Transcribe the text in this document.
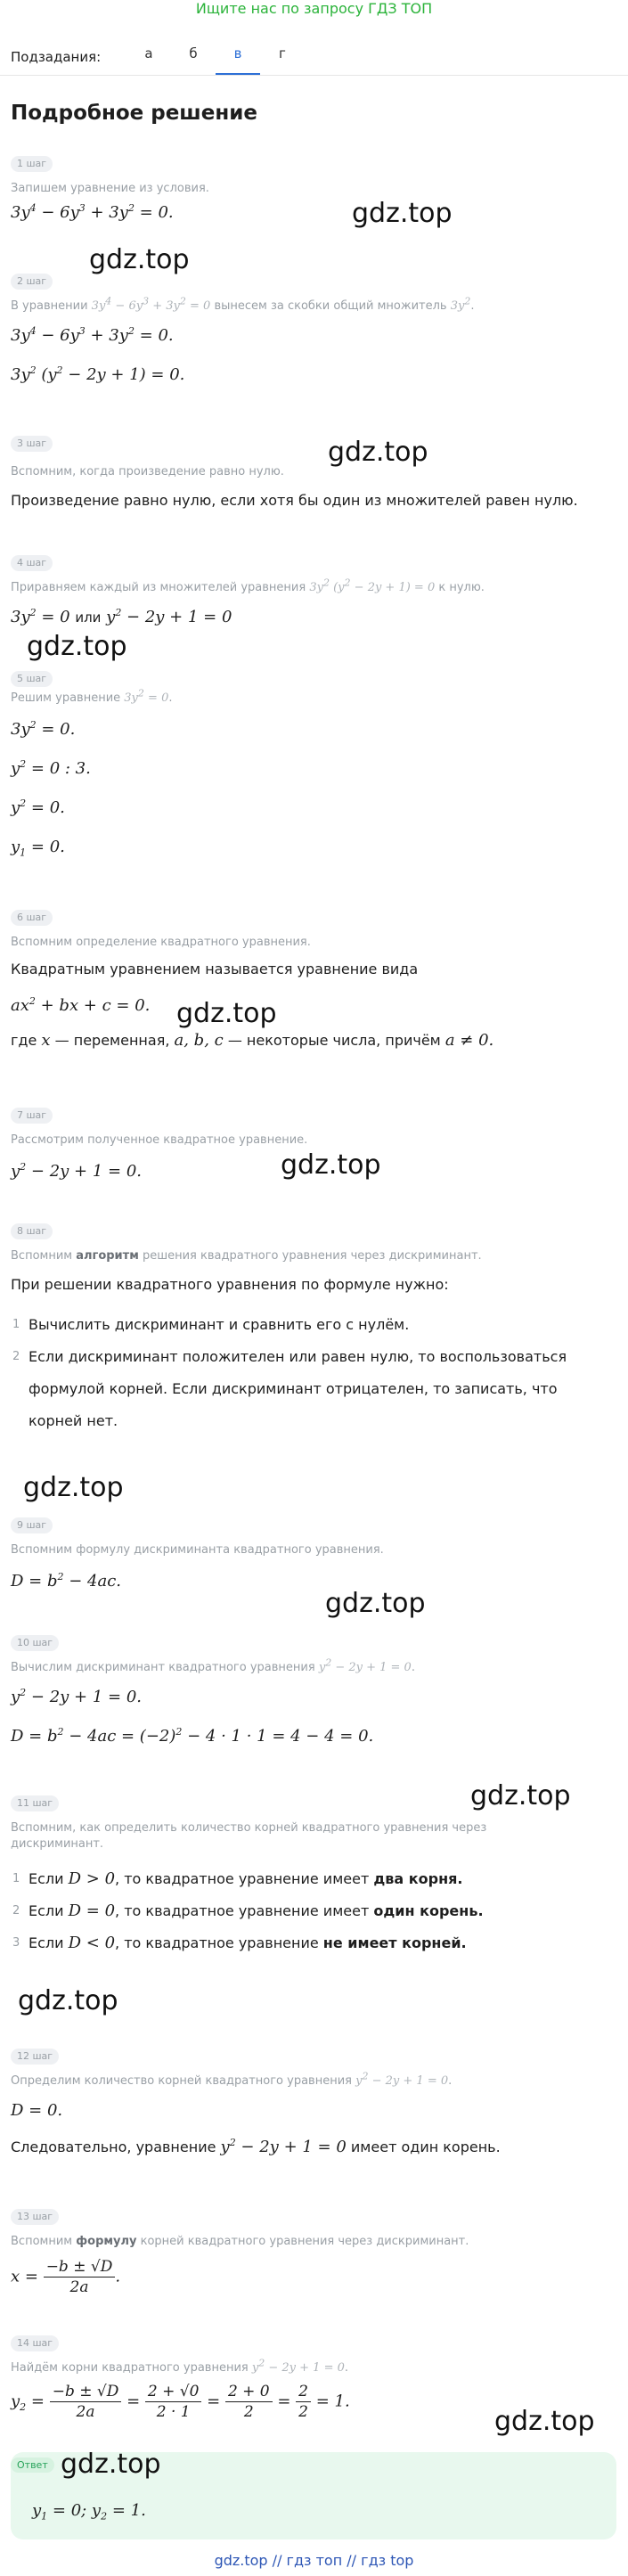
Ищите нас по запросу ГДЗ ТОП
Подзадания:	а	б	в	г
Подробное решение
1 шаг
Запишем уравнение из условия.
$3y^4 - 6y^3 + 3y^2 = 0$.
2 шаг
В уравнении $3y^4 - 6y^3 + 3y^2 = 0$ вынесем за скобки общий множитель $3y^2$.
$3y^4 - 6y^3 + 3y^2 = 0$.
$3y^2$ $(y^2 - 2y + 1) = 0$.
3 шаг
Вспомним, когда произведение равно нулю.
Произведение равно нулю, если хотя бы один из множителей равен нулю.
4 шаг
Приравняем каждый из множителей уравнения $3y^2$ $(y^2 - 2y + 1) = 0$ к нулю.
$3y^2 = 0$ или $y^2 - 2y + 1 = 0$
5 шаг
Решим уравнение $3y^2 = 0$.
$3y^2 = 0$.
$y^2 = 0$ : 3.
$y^2 = 0$.
$y_1 = 0$.
6 шаг
Вспомним определение квадратного уравнения.
Квадратным уравнением называется уравнение вида
$ax^2$ + bx + c = 0.
где x — переменная, a, b, c — некоторые числа, причём a ≠ 0.
7 шаг
Рассмотрим полученное квадратное уравнение.
$y^2 - 2y + 1 = 0$.
8 шаг
Вспомним алгоритм решения квадратного уравнения через дискриминант.
При решении квадратного уравнения по формуле нужно:
1 Вычислить дискриминант и сравнить его с нулём.
2 Если дискриминант положителен или равен нулю, то воспользоваться
формулой корней. Если дискриминант отрицателен, то записать, что
корней нет.
9 шаг
Вспомним формулу дискриминанта квадратного уравнения.
$D = b^2 - 4ac$.
10 шаг
Вычислим дискриминант квадратного уравнения $y^2 - 2y + 1 = 0$.
$y^2 - 2y + 1 = 0$.
$D = b^2 - 4ac = (-2)^2 - 4 \cdot 1 \cdot 1 = 4 - 4 = 0$.
11 шаг
Вспомним, как определить количество корней квадратного уравнения через
дискриминант.
1 Если D > 0, то квадратное уравнение имеет два корня.
2 Если D = 0, то квадратное уравнение имеет один корень.
3 Если D < 0, то квадратное уравнение не имеет корней.
12 шаг
Определим количество корней квадратного уравнения $y^2 - 2y + 1 = 0$.
D = 0.
Следовательно, уравнение $y^2 - 2y + 1 = 0$ имеет один корень.
13 шаг
Вспомним формулу корней квадратного уравнения через дискриминант.
$x = \frac{-b \pm √D}{2a}$ .
14 шаг
Найдём корни квадратного уравнения $y^2 - 2y + 1 = 0$.
$y_2 = \frac{-b \pm √D}{2a} = \frac{2 + √0}{2 \cdot 1} = \frac{2 + 0}{2} = \frac{2}{2} = 1$.
Ответ
$y_1 = 0$; $y_2 = 1$.
gdz.top
gdz.top
gdz.top
gdz.top
gdz.top
gdz.top
gdz.top
gdz.top
gdz.top
gdz.top
gdz.top
gdz.top
gdz.top // гдз топ // гдз top
